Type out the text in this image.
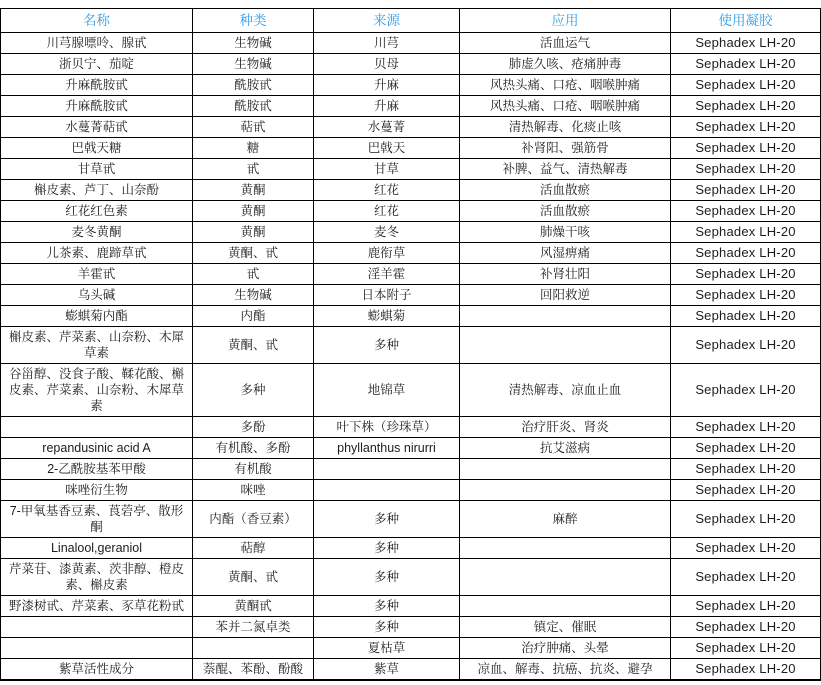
名称	种类	来源	应用	使用凝胶
川芎腺嘌呤、腺甙	生物碱	川芎	活血运气	Sephadex LH-20
浙贝宁、茄啶	生物碱	贝母	肺虚久咳、疮痛肿毒	Sephadex LH-20
升麻酰胺甙	酰胺甙	升麻	风热头痛、口疮、咽喉肿痛	Sephadex LH-20
升麻酰胺甙	酰胺甙	升麻	风热头痛、口疮、咽喉肿痛	Sephadex LH-20
水蔓菁萜甙	萜甙	水蔓菁	清热解毒、化痰止咳	Sephadex LH-20
巴戟天糖	糖	巴戟天	补肾阳、强筋骨	Sephadex LH-20
甘草甙	甙	甘草	补脾、益气、清热解毒	Sephadex LH-20
槲皮素、芦丁、山奈酚	黄酮	红花	活血散瘀	Sephadex LH-20
红花红色素	黄酮	红花	活血散瘀	Sephadex LH-20
麦冬黄酮	黄酮	麦冬	肺燥干咳	Sephadex LH-20
儿茶素、鹿蹄草甙	黄酮、甙	鹿衔草	风湿痹痛	Sephadex LH-20
羊霍甙	甙	淫羊霍	补肾壮阳	Sephadex LH-20
乌头碱	生物碱	日本附子	回阳救逆	Sephadex LH-20
蟛蜞菊内酯	内酯	蟛蜞菊		Sephadex LH-20
槲皮素、芹菜素、山奈粉、木犀草素	黄酮、甙	多种		Sephadex LH-20
谷甾醇、没食子酸、鞣花酸、槲皮素、芹菜素、山奈粉、木犀草素	多种	地锦草	清热解毒、凉血止血	Sephadex LH-20
	多酚	叶下株（珍珠草）	治疗肝炎、肾炎	Sephadex LH-20
repandusinic acid A	有机酸、多酚	phyllanthus nirurri	抗艾滋病	Sephadex LH-20
2-乙酰胺基苯甲酸	有机酸			Sephadex LH-20
咪唑衍生物	咪唑			Sephadex LH-20
7-甲氧基香豆素、莨菪亭、散形酮	内酯（香豆素）	多种	麻醉	Sephadex LH-20
Linalool,geraniol	萜醇	多种		Sephadex LH-20
芹菜苷、漆黄素、茨非醇、橙皮素、槲皮素	黄酮、甙	多种		Sephadex LH-20
野漆树甙、芹菜素、豕草花粉甙	黄酮甙	多种		Sephadex LH-20
	苯并二氮卓类	多种	镇定、催眠	Sephadex LH-20
		夏枯草	治疗肿痛、头晕	Sephadex LH-20
紫草活性成分	萘醌、苯酚、酚酸	紫草	凉血、解毒、抗癌、抗炎、避孕	Sephadex LH-20
